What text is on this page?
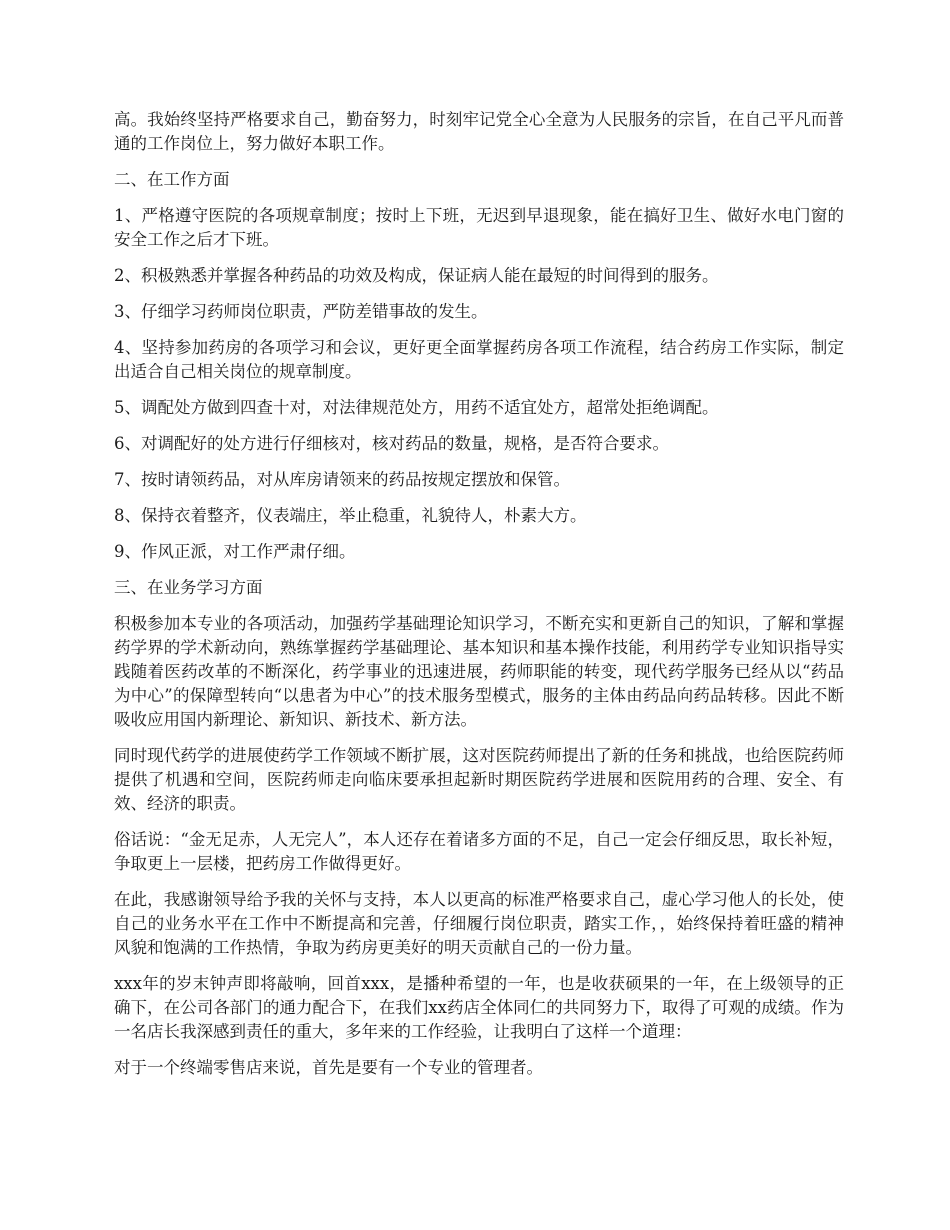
高。我始终坚持严格要求自己，勤奋努力，时刻牢记党全心全意为人民服务的宗旨，在自己平凡而普通的工作岗位上，努力做好本职工作。

二、在工作方面

1、严格遵守医院的各项规章制度；按时上下班，无迟到早退现象，能在搞好卫生、做好水电门窗的安全工作之后才下班。

2、积极熟悉并掌握各种药品的功效及构成，保证病人能在最短的时间得到的服务。

3、仔细学习药师岗位职责，严防差错事故的发生。

4、坚持参加药房的各项学习和会议，更好更全面掌握药房各项工作流程，结合药房工作实际，制定出适合自己相关岗位的规章制度。

5、调配处方做到四查十对，对法律规范处方，用药不适宜处方，超常处拒绝调配。

6、对调配好的处方进行仔细核对，核对药品的数量，规格，是否符合要求。

7、按时请领药品，对从库房请领来的药品按规定摆放和保管。

8、保持衣着整齐，仪表端庄，举止稳重，礼貌待人，朴素大方。

9、作风正派，对工作严肃仔细。

三、在业务学习方面

积极参加本专业的各项活动，加强药学基础理论知识学习，不断充实和更新自己的知识，了解和掌握药学界的学术新动向，熟练掌握药学基础理论、基本知识和基本操作技能，利用药学专业知识指导实践随着医药改革的不断深化，药学事业的迅速进展，药师职能的转变，现代药学服务已经从以“药品为中心”的保障型转向“以患者为中心”的技术服务型模式，服务的主体由药品向药品转移。因此不断吸收应用国内新理论、新知识、新技术、新方法。

同时现代药学的进展使药学工作领域不断扩展，这对医院药师提出了新的任务和挑战，也给医院药师提供了机遇和空间，医院药师走向临床要承担起新时期医院药学进展和医院用药的合理、安全、有效、经济的职责。

俗话说：“金无足赤，人无完人”，本人还存在着诸多方面的不足，自己一定会仔细反思，取长补短，争取更上一层楼，把药房工作做得更好。

在此，我感谢领导给予我的关怀与支持，本人以更高的标准严格要求自己，虚心学习他人的长处，使自己的业务水平在工作中不断提高和完善，仔细履行岗位职责，踏实工作，，始终保持着旺盛的精神风貌和饱满的工作热情，争取为药房更美好的明天贡献自己的一份力量。

xxx年的岁末钟声即将敲响，回首xxx，是播种希望的一年，也是收获硕果的一年，在上级领导的正确下，在公司各部门的通力配合下，在我们xx药店全体同仁的共同努力下，取得了可观的成绩。作为一名店长我深感到责任的重大，多年来的工作经验，让我明白了这样一个道理：

对于一个终端零售店来说，首先是要有一个专业的管理者。
